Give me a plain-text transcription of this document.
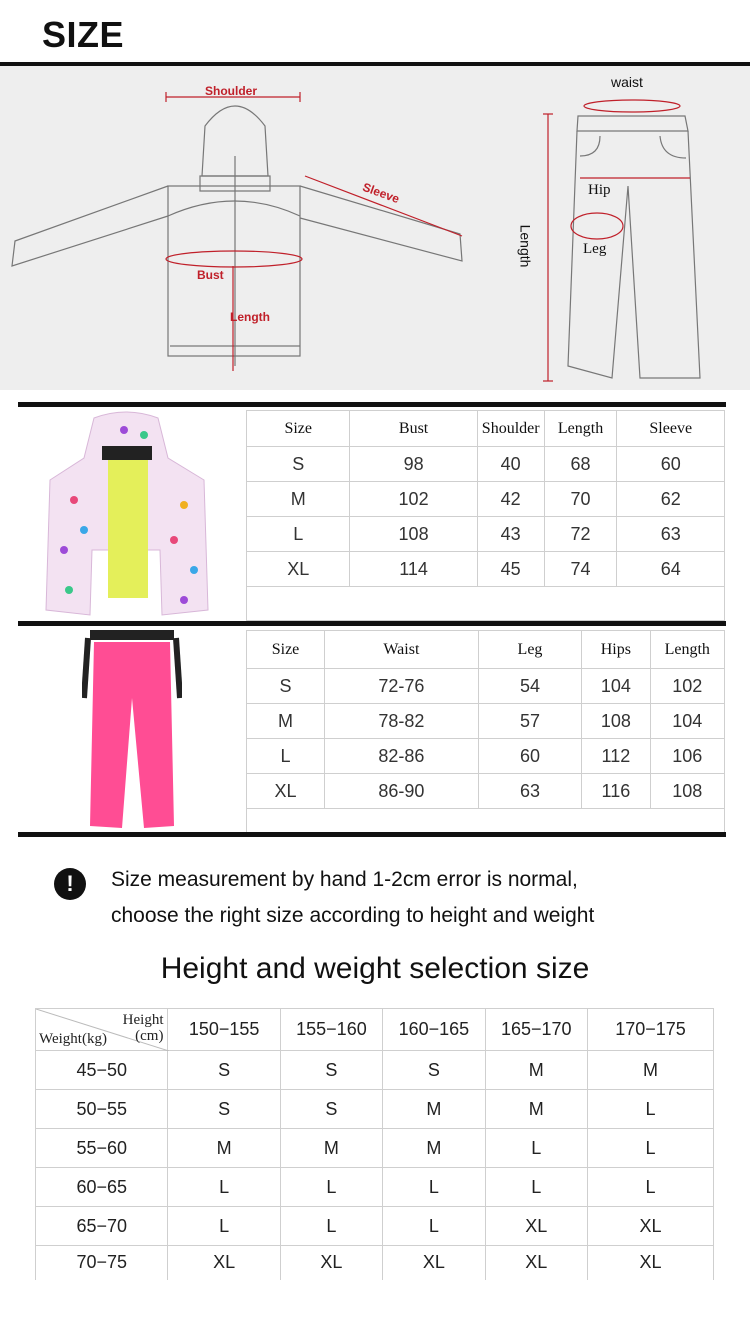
SIZE
Shoulder
Sleeve
Bust
Length
waist
Hip
Leg
Length
Size	Bust	Shoulder	Length	Sleeve
S	98	40	68	60
M	102	42	70	62
L	108	43	72	63
XL	114	45	74	64

Size	Waist	Leg	Hips	Length
S	72-76	54	104	102
M	78-82	57	108	104
L	82-86	60	112	106
XL	86-90	63	116	108

!	Size measurement by hand 1-2cm error is normal,
choose the right size according to height and weight
Height and weight selection size
Height
(cm)
Weight(kg)	150−155	155−160	160−165	165−170	170−175
45−50	S	S	S	M	M
50−55	S	S	M	M	L
55−60	M	M	M	L	L
60−65	L	L	L	L	L
65−70	L	L	L	XL	XL
70−75	XL	XL	XL	XL	XL
